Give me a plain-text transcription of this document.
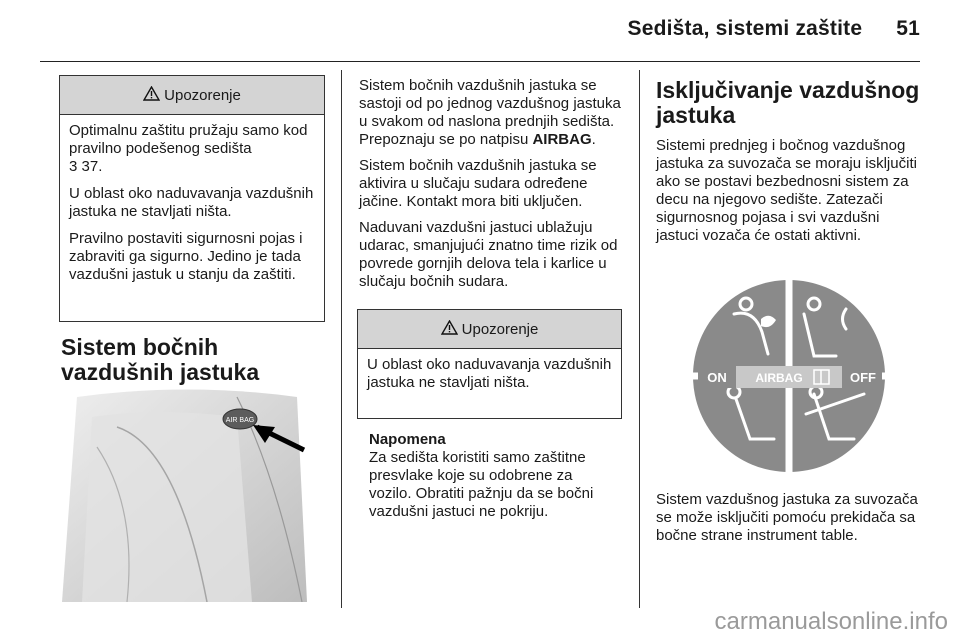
Sedišta, sistemi zaštite 51
Upozorenje

Optimalnu zaštitu pružaju samo kod pravilno podešenog sedišta
3 37.

U oblast oko naduvavanja vazdušnih jastuka ne stavljati ništa.

Pravilno postaviti sigurnosni pojas i zabraviti ga sigurno. Jedino je tada vazdušni jastuk u stanju da zaštiti.

Sistem bočnih vazdušnih jastuka
AIR BAG

Sistem bočnih vazdušnih jastuka se sastoji od po jednog vazdušnog jastuka u svakom od naslona prednjih sedišta. Prepoznaju se po natpisu AIRBAG.

Sistem bočnih vazdušnih jastuka se aktivira u slučaju sudara određene jačine. Kontakt mora biti uključen.

Naduvani vazdušni jastuci ublažuju udarac, smanjujući znatno time rizik od povrede gornjih delova tela i karlice u slučaju bočnih sudara.

Upozorenje

U oblast oko naduvavanja vazdušnih jastuka ne stavljati ništa.

Napomena
Za sedišta koristiti samo zaštitne presvlake koje su odobrene za vozilo. Obratiti pažnju da se bočni vazdušni jastuci ne pokriju.
Isključivanje vazdušnog jastuka
Sistemi prednjeg i bočnog vazdušnog jastuka za suvozača se moraju isključiti ako se postavi bezbednosni sistem za decu na njegovo sedište. Zatezači sigurnosnog pojasa i svi vazdušni jastuci vozača će ostati aktivni.
ON AIRBAG	OFF
Sistem vazdušnog jastuka za suvozača se može isključiti pomoću prekidača sa bočne strane instrument table.
carmanualsonline.info
